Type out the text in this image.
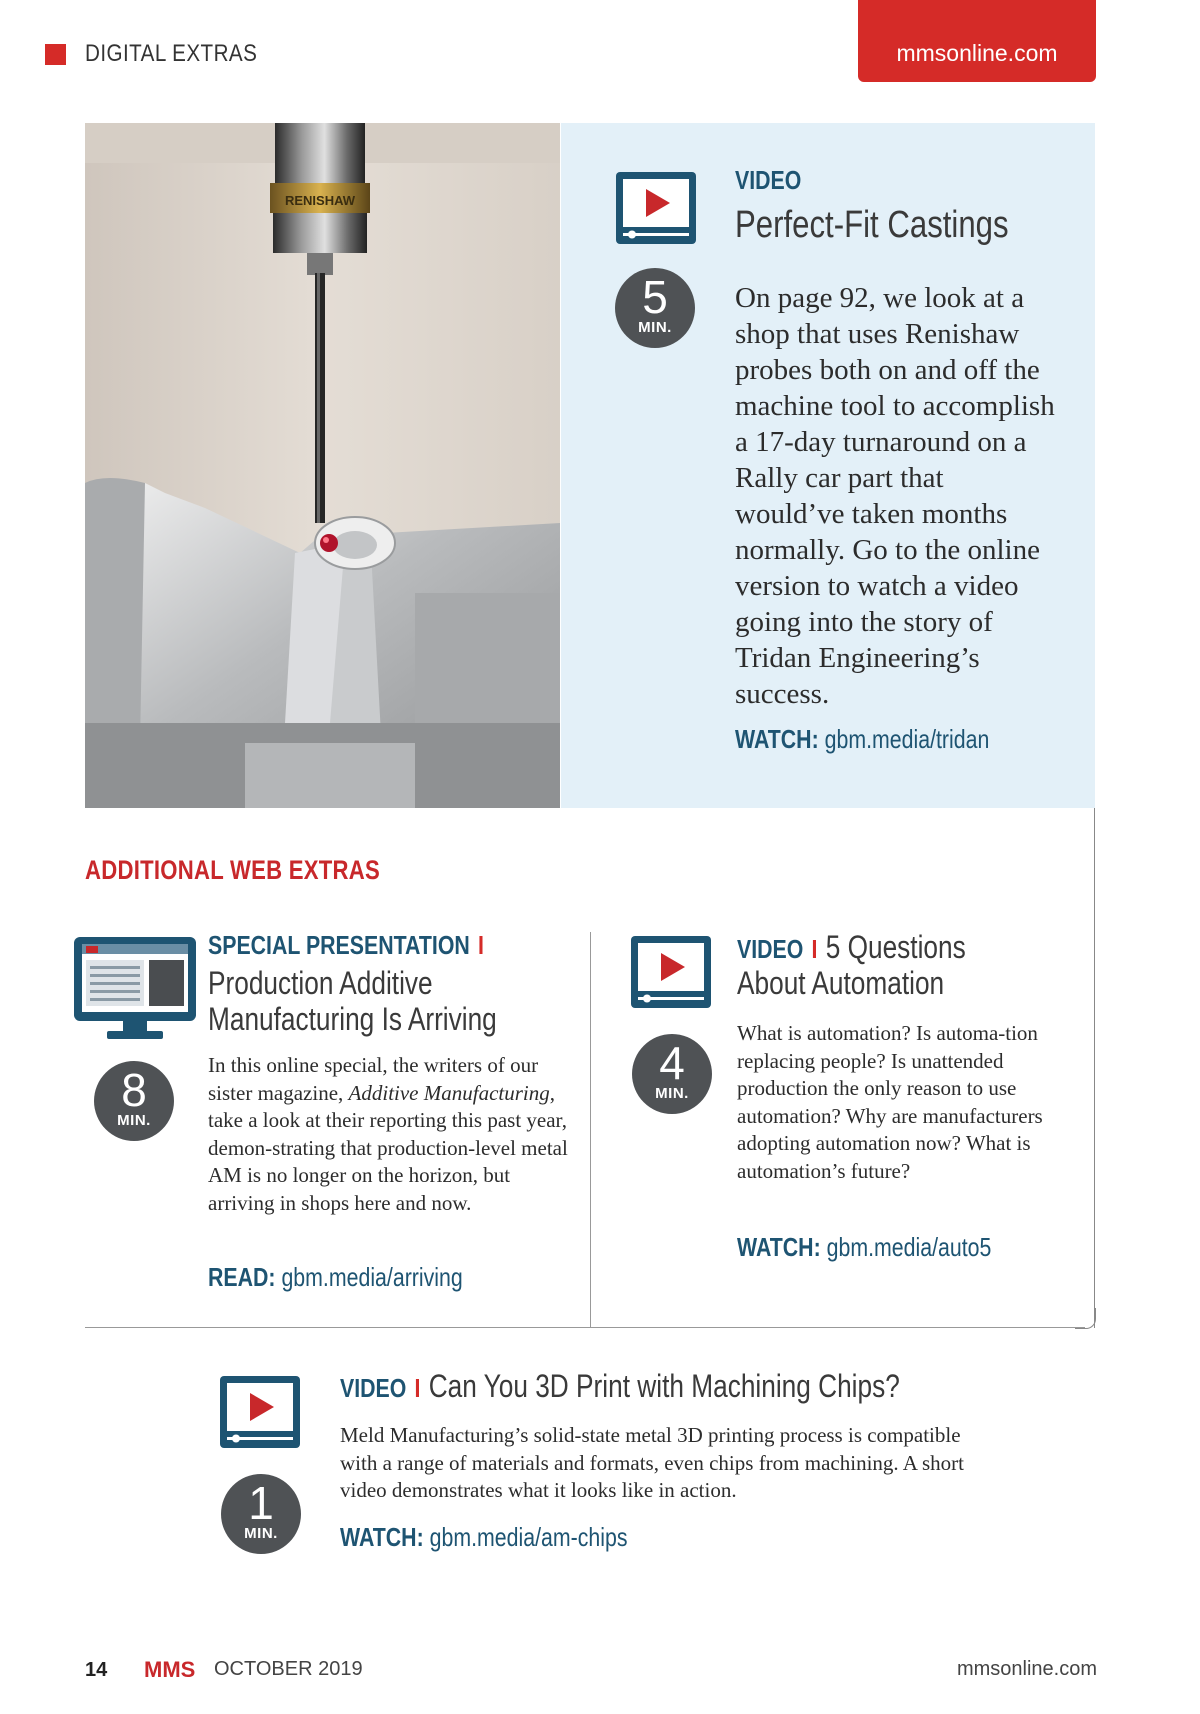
DIGITAL EXTRAS	mmsonline.com
RENISHAW
5
MIN.
VIDEO
Perfect-Fit Castings
On page 92, we look at a shop that uses Renishaw probes both on and off the machine tool to accomplish a 17-day turnaround on a Rally car part that would’ve taken months normally. Go to the online version to watch a video going into the story of Tridan Engineering’s success.
WATCH: gbm.media/tridan
ADDITIONAL WEB EXTRAS
8
MIN.
SPECIAL PRESENTATION I
Production Additive
Manufacturing Is Arriving
In this online special, the writers of our sister magazine, Additive Manufacturing, take a look at their reporting this past year, demon-strating that production-level metal AM is no longer on the horizon, but arriving in shops here and now.
READ: gbm.media/arriving
4
MIN.
VIDEO I 5 Questions
About Automation
What is automation? Is automa-tion replacing people? Is unattended production the only reason to use automation? Why are manufacturers adopting automation now? What is automation’s future?
WATCH: gbm.media/auto5
1
MIN.
VIDEO I Can You 3D Print with Machining Chips?
Meld Manufacturing’s solid-state metal 3D printing process is compatible with a range of materials and formats, even chips from machining. A short video demonstrates what it looks like in action.
WATCH: gbm.media/am-chips
14 MMS OCTOBER 2019	mmsonline.com
